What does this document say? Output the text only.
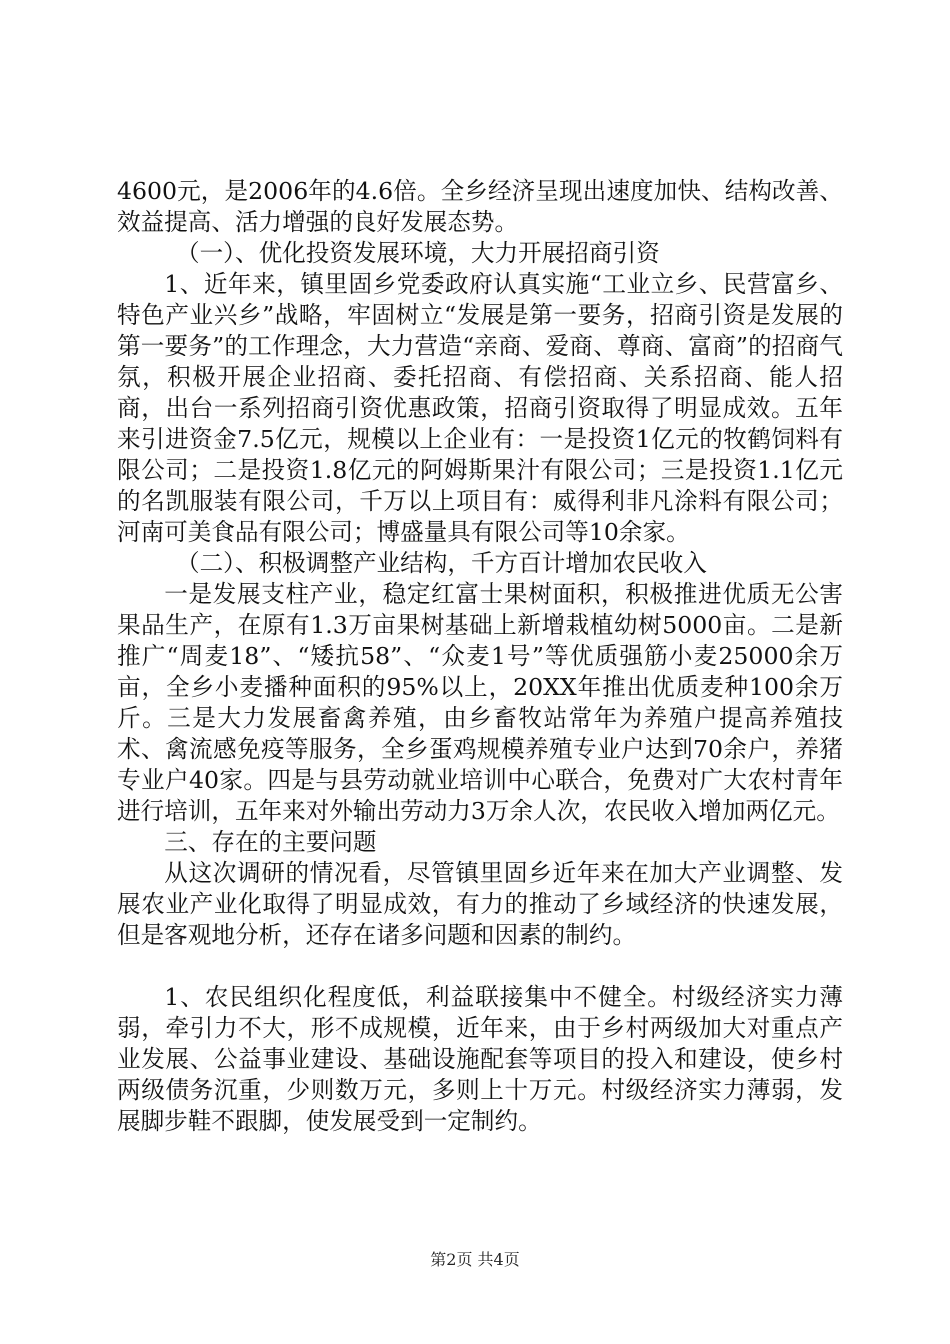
4600元，是2006年的4.6倍。全乡经济呈现出速度加快、结构改善、效益提高、活力增强的良好发展态势。

（一）、优化投资发展环境，大力开展招商引资

1、近年来，镇里固乡党委政府认真实施“工业立乡、民营富乡、特色产业兴乡”战略，牢固树立“发展是第一要务，招商引资是发展的第一要务”的工作理念，大力营造“亲商、爱商、尊商、富商”的招商气氛，积极开展企业招商、委托招商、有偿招商、关系招商、能人招商，出台一系列招商引资优惠政策，招商引资取得了明显成效。五年来引进资金7.5亿元，规模以上企业有：一是投资1亿元的牧鹤饲料有限公司；二是投资1.8亿元的阿姆斯果汁有限公司；三是投资1.1亿元的名凯服装有限公司，千万以上项目有：威得利非凡涂料有限公司；河南可美食品有限公司；博盛量具有限公司等10余家。

（二）、积极调整产业结构，千方百计增加农民收入

一是发展支柱产业，稳定红富士果树面积，积极推进优质无公害果品生产，在原有1.3万亩果树基础上新增栽植幼树5000亩。二是新推广“周麦18”、“矮抗58”、“众麦1号”等优质强筋小麦25000余万亩，全乡小麦播种面积的95%以上，20XX年推出优质麦种100余万斤。三是大力发展畜禽养殖，由乡畜牧站常年为养殖户提高养殖技术、禽流感免疫等服务，全乡蛋鸡规模养殖专业户达到70余户，养猪专业户40家。四是与县劳动就业培训中心联合，免费对广大农村青年进行培训，五年来对外输出劳动力3万余人次，农民收入增加两亿元。

三、存在的主要问题

从这次调研的情况看，尽管镇里固乡近年来在加大产业调整、发展农业产业化取得了明显成效，有力的推动了乡域经济的快速发展，但是客观地分析，还存在诸多问题和因素的制约。

1、农民组织化程度低，利益联接集中不健全。村级经济实力薄弱，牵引力不大，形不成规模，近年来，由于乡村两级加大对重点产业发展、公益事业建设、基础设施配套等项目的投入和建设，使乡村两级债务沉重，少则数万元，多则上十万元。村级经济实力薄弱，发展脚步鞋不跟脚，使发展受到一定制约。

第2页 共4页
